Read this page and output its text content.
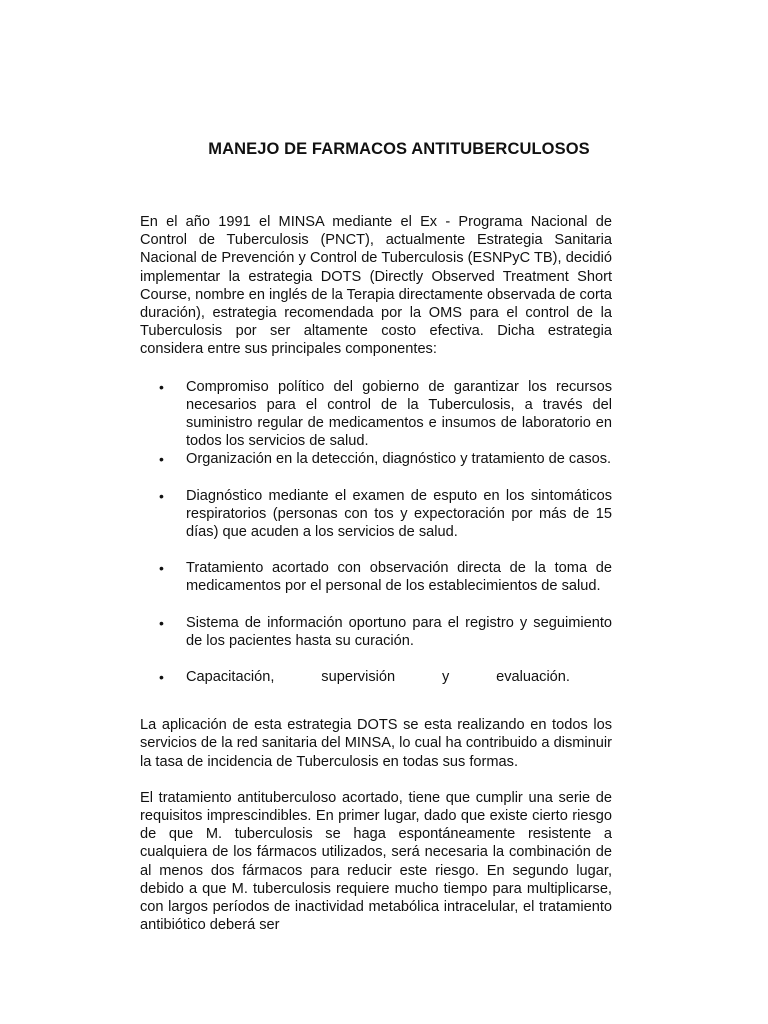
MANEJO DE FARMACOS ANTITUBERCULOSOS

En el año 1991 el MINSA mediante el Ex - Programa Nacional de Control de Tuberculosis (PNCT), actualmente Estrategia Sanitaria Nacional de Prevención y Control de Tuberculosis (ESNPyC TB), decidió implementar la estrategia DOTS (Directly Observed Treatment Short Course, nombre en inglés de la Terapia directamente observada de corta duración), estrategia recomendada por la OMS para el control de la Tuberculosis por ser altamente costo efectiva. Dicha estrategia considera entre sus principales componentes:

• Compromiso político del gobierno de garantizar los recursos necesarios para el control de la Tuberculosis, a través del suministro regular de medicamentos e insumos de laboratorio en todos los servicios de salud.
• Organización en la detección, diagnóstico y tratamiento de casos.
• Diagnóstico mediante el examen de esputo en los sintomáticos respiratorios (personas con tos y expectoración por más de 15 días) que acuden a los servicios de salud.
• Tratamiento acortado con observación directa de la toma de medicamentos por el personal de los establecimientos de salud.
• Sistema de información oportuno para el registro y seguimiento de los pacientes hasta su curación.
• Capacitación,	supervisión	y	evaluación.

La aplicación de esta estrategia DOTS se esta realizando en todos los servicios de la red sanitaria del MINSA, lo cual ha contribuido a disminuir la tasa de incidencia de Tuberculosis en todas sus formas.

El tratamiento antituberculoso acortado, tiene que cumplir una serie de requisitos imprescindibles. En primer lugar, dado que existe cierto riesgo de que M. tuberculosis se haga espontáneamente resistente a cualquiera de los fármacos utilizados, será necesaria la combinación de al menos dos fármacos para reducir este riesgo. En segundo lugar, debido a que M. tuberculosis requiere mucho tiempo para multiplicarse, con largos períodos de inactividad metabólica intracelular, el tratamiento antibiótico deberá ser
